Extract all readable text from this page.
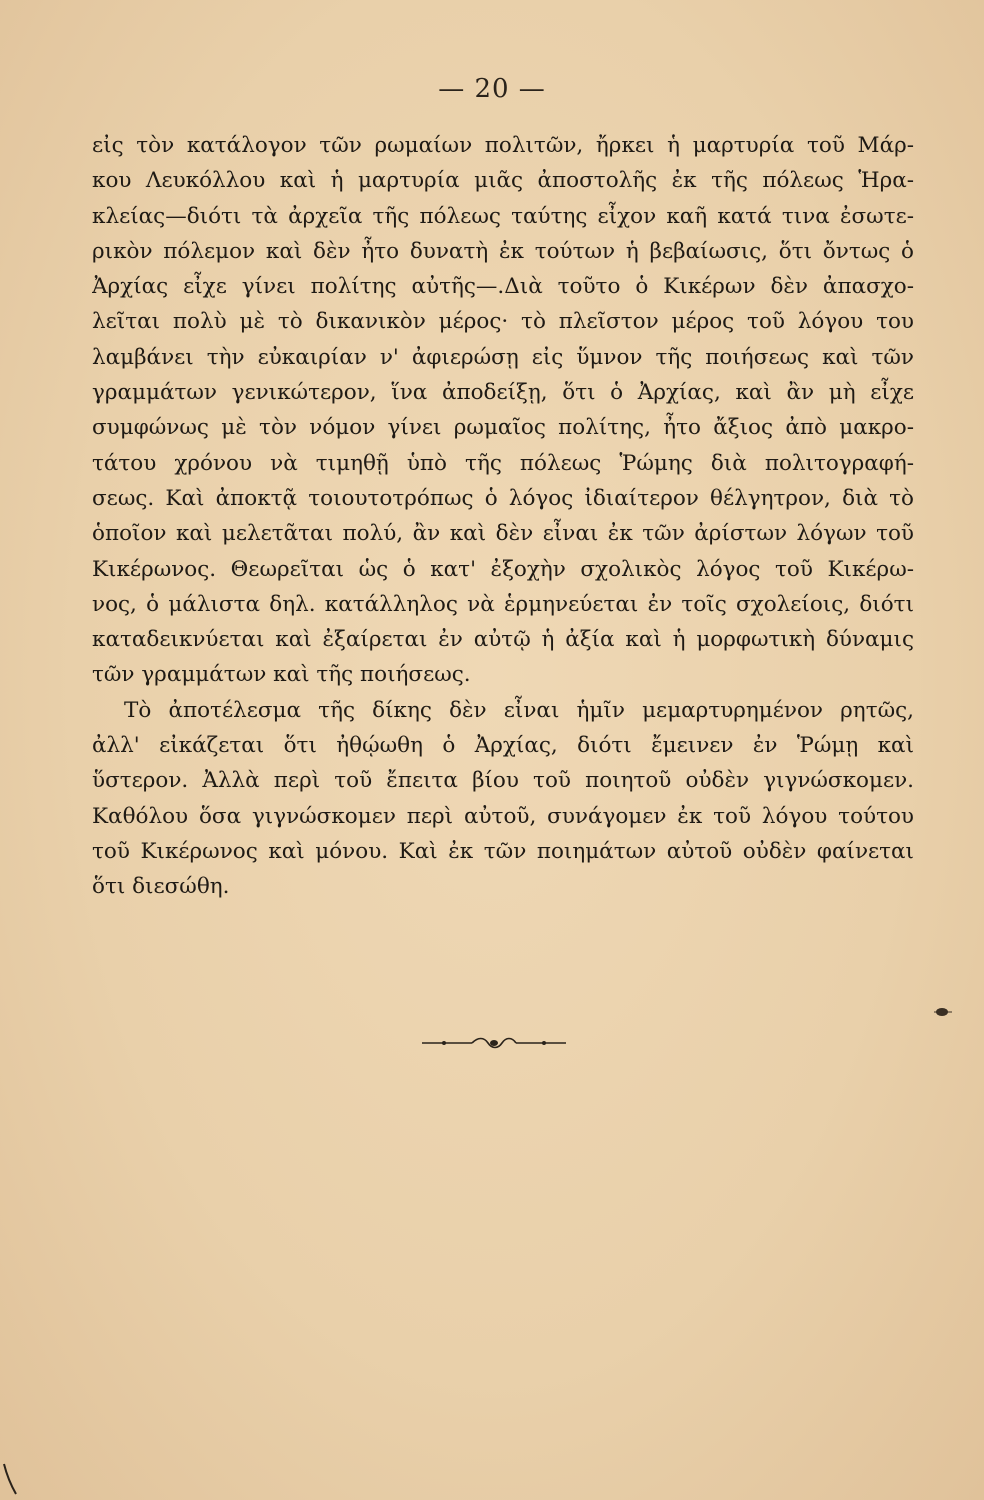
— 20 —
εἰς τὸν κατάλογον τῶν ρωμαίων πολιτῶν, ἤρκει ἡ μαρτυρία τοῦ Μάρ-
κου Λευκόλλου καὶ ἡ μαρτυρία μιᾶς ἀποστολῆς ἐκ τῆς πόλεως Ἡρα-
κλείας—διότι τὰ ἀρχεῖα τῆς πόλεως ταύτης εἶχον καῆ κατά τινα ἐσωτε-
ρικὸν πόλεμον καὶ δὲν ἦτο δυνατὴ ἐκ τούτων ἡ βεβαίωσις, ὅτι ὄντως ὁ
Ἀρχίας εἶχε γίνει πολίτης αὐτῆς—.Διὰ τοῦτο ὁ Κικέρων δὲν ἀπασχο-
λεῖται πολὺ μὲ τὸ δικανικὸν μέρος· τὸ πλεῖστον μέρος τοῦ λόγου του
λαμβάνει τὴν εὐκαιρίαν ν' ἀφιερώσῃ εἰς ὕμνον τῆς ποιήσεως καὶ τῶν
γραμμάτων γενικώτερον, ἵνα ἀποδείξῃ, ὅτι ὁ Ἀρχίας, καὶ ἂν μὴ εἶχε
συμφώνως μὲ τὸν νόμον γίνει ρωμαῖος πολίτης, ἦτο ἄξιος ἀπὸ μακρο-
τάτου χρόνου νὰ τιμηθῇ ὑπὸ τῆς πόλεως Ῥώμης διὰ πολιτογραφή-
σεως. Καὶ ἀποκτᾷ τοιουτοτρόπως ὁ λόγος ἰδιαίτερον θέλγητρον, διὰ τὸ
ὁποῖον καὶ μελετᾶται πολύ, ἂν καὶ δὲν εἶναι ἐκ τῶν ἀρίστων λόγων τοῦ
Κικέρωνος. Θεωρεῖται ὡς ὁ κατ' ἐξοχὴν σχολικὸς λόγος τοῦ Κικέρω-
νος, ὁ μάλιστα δηλ. κατάλληλος νὰ ἑρμηνεύεται ἐν τοῖς σχολείοις, διότι
καταδεικνύεται καὶ ἐξαίρεται ἐν αὐτῷ ἡ ἀξία καὶ ἡ μορφωτικὴ δύναμις
τῶν γραμμάτων καὶ τῆς ποιήσεως.
Τὸ ἀποτέλεσμα τῆς δίκης δὲν εἶναι ἡμῖν μεμαρτυρημένον ρητῶς,
ἀλλ' εἰκάζεται ὅτι ἠθῴωθη ὁ Ἀρχίας, διότι ἔμεινεν ἐν Ῥώμῃ καὶ
ὕστερον. Ἀλλὰ περὶ τοῦ ἔπειτα βίου τοῦ ποιητοῦ οὐδὲν γιγνώσκομεν.
Καθόλου ὅσα γιγνώσκομεν περὶ αὐτοῦ, συνάγομεν ἐκ τοῦ λόγου τούτου
τοῦ Κικέρωνος καὶ μόνου. Καὶ ἐκ τῶν ποιημάτων αὐτοῦ οὐδὲν φαίνεται
ὅτι διεσώθη.
